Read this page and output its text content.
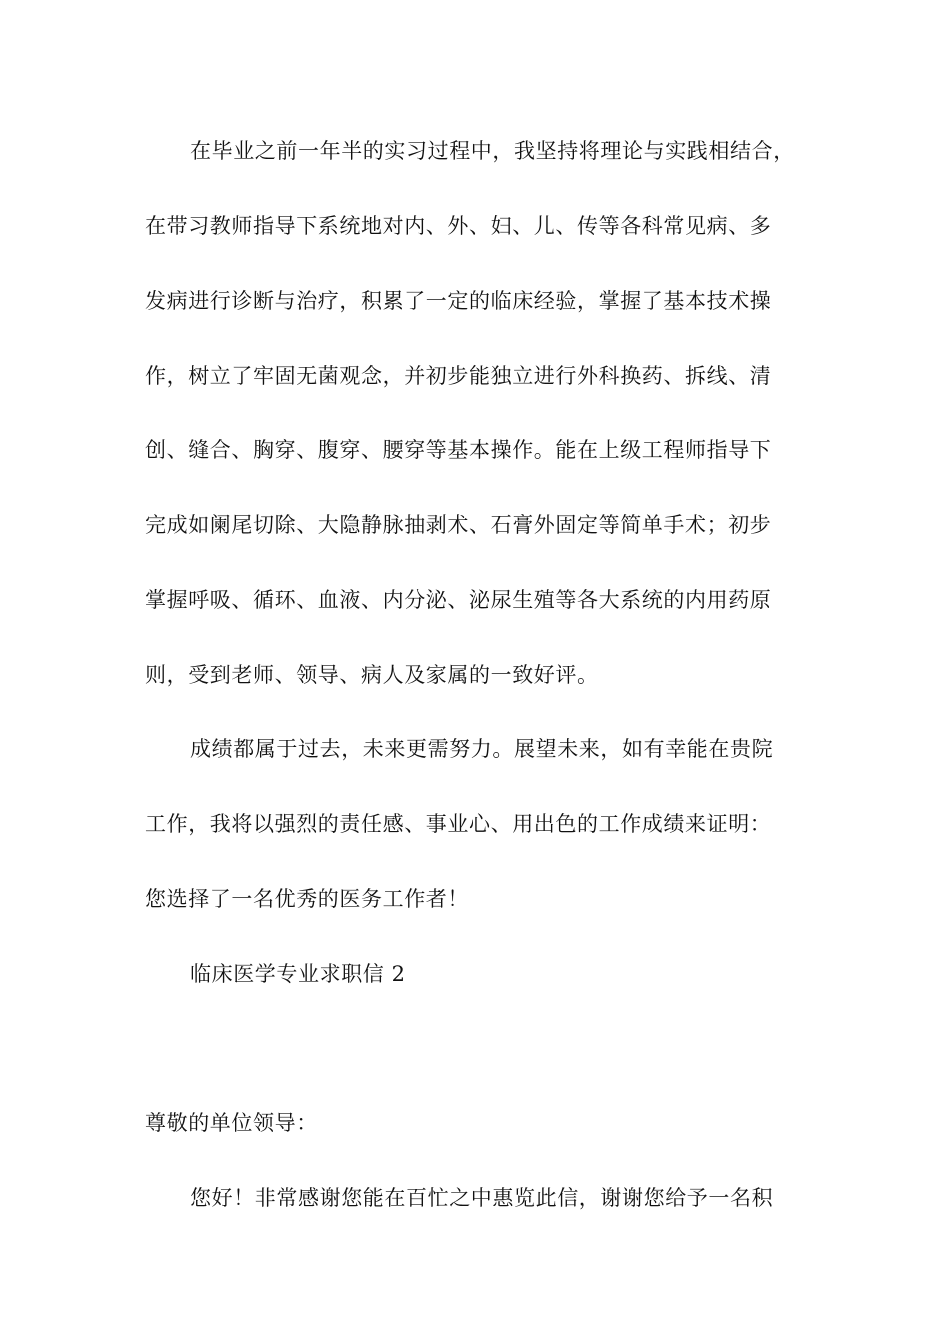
在毕业之前一年半的实习过程中，我坚持将理论与实践相结合，
在带习教师指导下系统地对内、外、妇、儿、传等各科常见病、多
发病进行诊断与治疗，积累了一定的临床经验，掌握了基本技术操
作，树立了牢固无菌观念，并初步能独立进行外科换药、拆线、清
创、缝合、胸穿、腹穿、腰穿等基本操作。能在上级工程师指导下
完成如阑尾切除、大隐静脉抽剥术、石膏外固定等简单手术；初步
掌握呼吸、循环、血液、内分泌、泌尿生殖等各大系统的内用药原
则，受到老师、领导、病人及家属的一致好评。
成绩都属于过去，未来更需努力。展望未来，如有幸能在贵院
工作，我将以强烈的责任感、事业心、用出色的工作成绩来证明：
您选择了一名优秀的医务工作者！
临床医学专业求职信 2
尊敬的单位领导：
您好！非常感谢您能在百忙之中惠览此信，谢谢您给予一名积
